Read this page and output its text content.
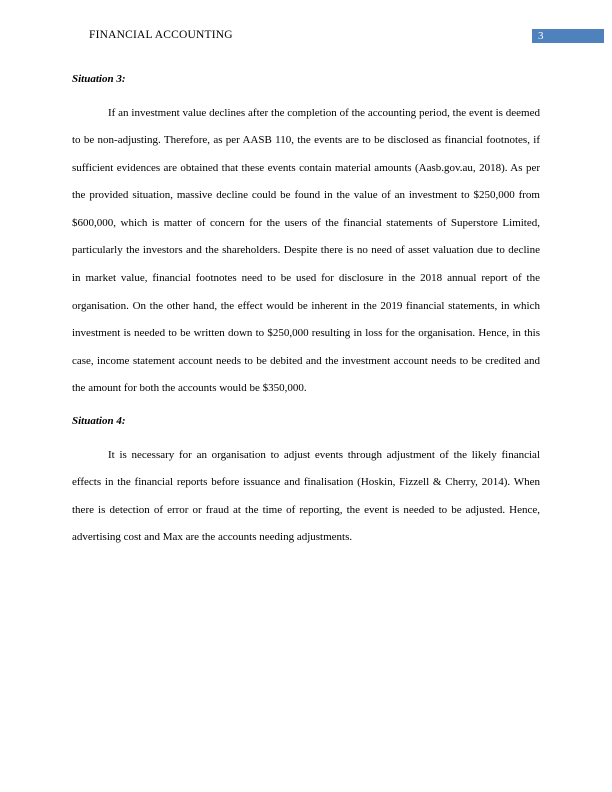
FINANCIAL ACCOUNTING	3

Situation 3:

If an investment value declines after the completion of the accounting period, the event is deemed to be non-adjusting. Therefore, as per AASB 110, the events are to be disclosed as financial footnotes, if sufficient evidences are obtained that these events contain material amounts (Aasb.gov.au, 2018). As per the provided situation, massive decline could be found in the value of an investment to $250,000 from $600,000, which is matter of concern for the users of the financial statements of Superstore Limited, particularly the investors and the shareholders. Despite there is no need of asset valuation due to decline in market value, financial footnotes need to be used for disclosure in the 2018 annual report of the organisation. On the other hand, the effect would be inherent in the 2019 financial statements, in which investment is needed to be written down to $250,000 resulting in loss for the organisation. Hence, in this case, income statement account needs to be debited and the investment account needs to be credited and the amount for both the accounts would be $350,000.

Situation 4:

It is necessary for an organisation to adjust events through adjustment of the likely financial effects in the financial reports before issuance and finalisation (Hoskin, Fizzell & Cherry, 2014). When there is detection of error or fraud at the time of reporting, the event is needed to be adjusted. Hence, advertising cost and Max are the accounts needing adjustments.
